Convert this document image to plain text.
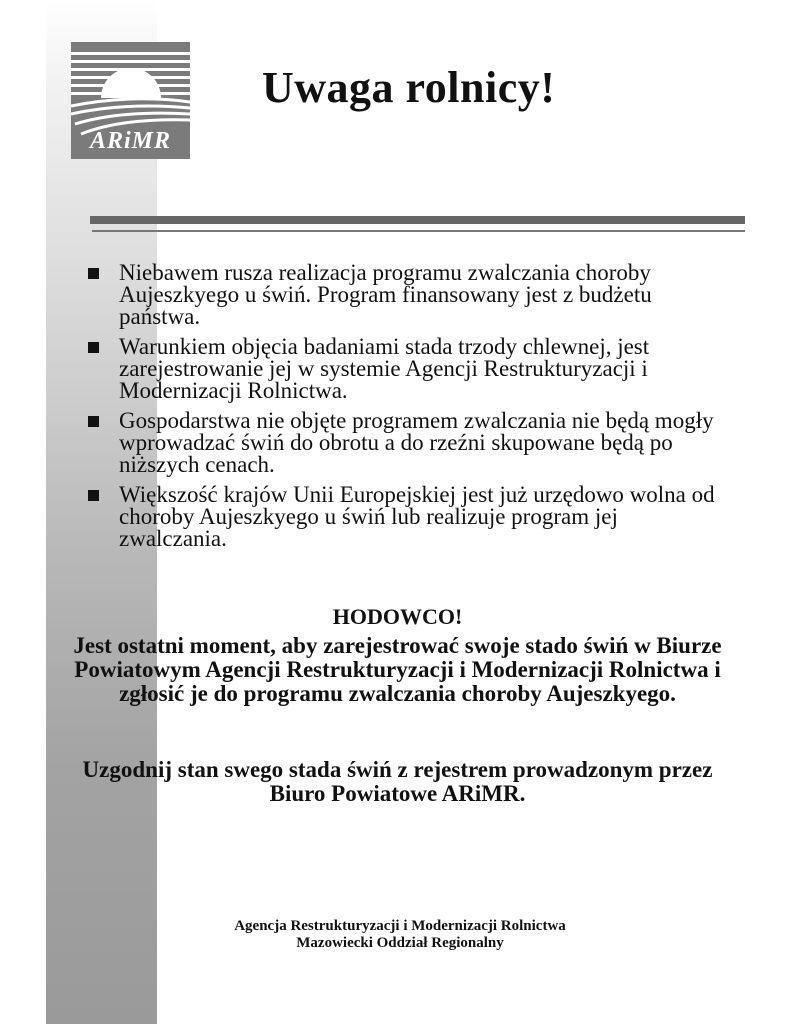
ARiMR
Uwaga rolnicy!
Niebawem rusza realizacja programu zwalczania choroby Aujeszkyego u świń. Program finansowany jest z budżetu państwa.
Warunkiem objęcia badaniami stada trzody chlewnej, jest zarejestrowanie jej w systemie Agencji Restrukturyzacji i Modernizacji Rolnictwa.
Gospodarstwa nie objęte programem zwalczania nie będą mogły wprowadzać świń do obrotu a do rzeźni skupowane będą po niższych cenach.
Większość krajów Unii Europejskiej jest już urzędowo wolna od choroby Aujeszkyego u świń lub realizuje program jej zwalczania.
HODOWCO!
Jest ostatni moment, aby zarejestrować swoje stado świń w Biurze Powiatowym Agencji Restrukturyzacji i Modernizacji Rolnictwa i zgłosić je do programu zwalczania choroby Aujeszkyego.
Uzgodnij stan swego stada świń z rejestrem prowadzonym przez Biuro Powiatowe ARiMR.
Agencja Restrukturyzacji i Modernizacji Rolnictwa
Mazowiecki Oddział Regionalny
